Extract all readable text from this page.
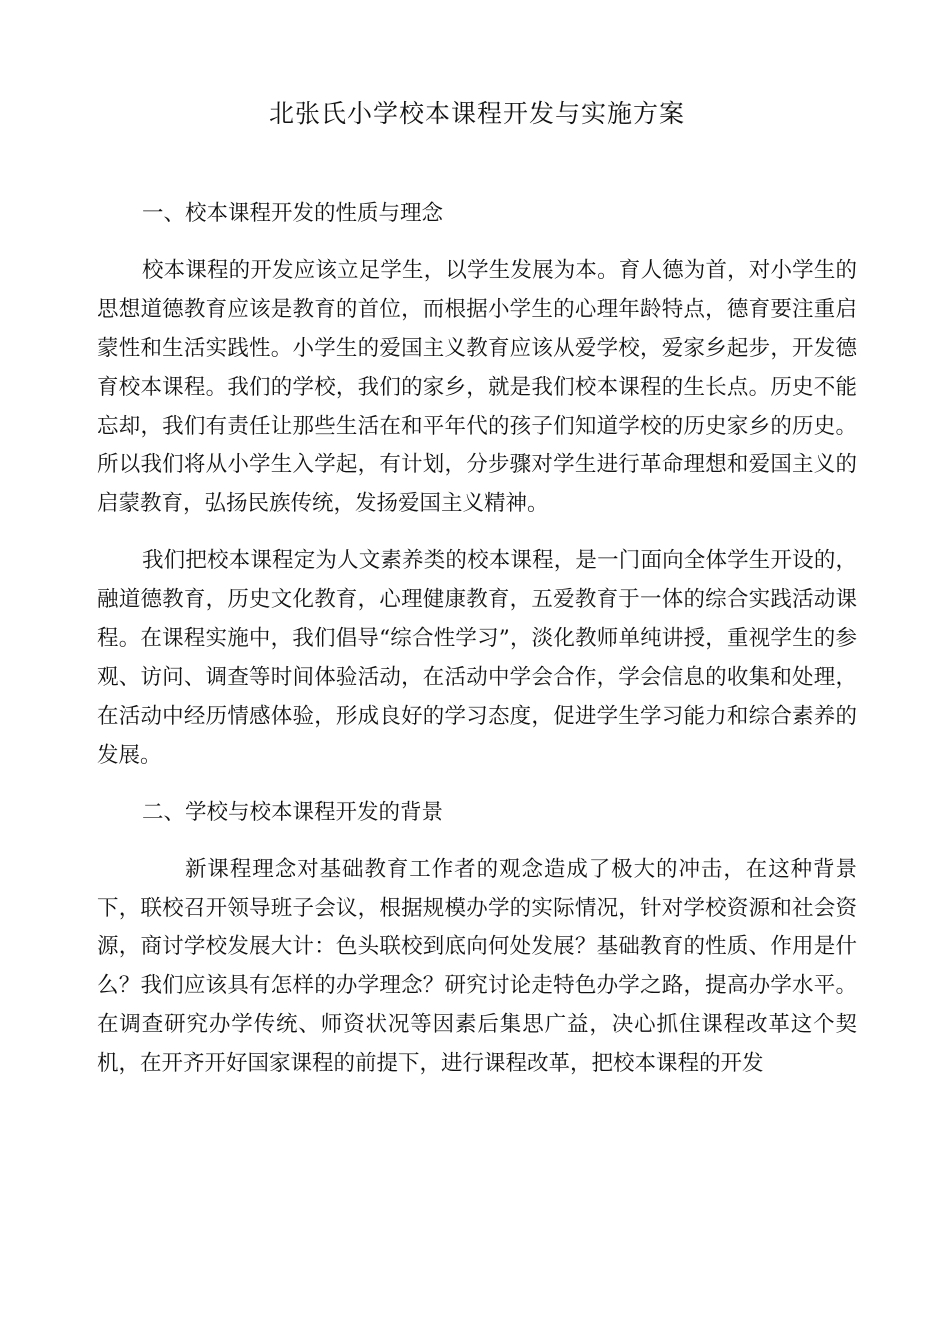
北张氏小学校本课程开发与实施方案

一、校本课程开发的性质与理念

校本课程的开发应该立足学生，以学生发展为本。育人德为首，对小学生的思想道德教育应该是教育的首位，而根据小学生的心理年龄特点，德育要注重启蒙性和生活实践性。小学生的爱国主义教育应该从爱学校，爱家乡起步，开发德育校本课程。我们的学校，我们的家乡，就是我们校本课程的生长点。历史不能忘却，我们有责任让那些生活在和平年代的孩子们知道学校的历史家乡的历史。所以我们将从小学生入学起，有计划，分步骤对学生进行革命理想和爱国主义的启蒙教育，弘扬民族传统，发扬爱国主义精神。

我们把校本课程定为人文素养类的校本课程，是一门面向全体学生开设的，融道德教育，历史文化教育，心理健康教育，五爱教育于一体的综合实践活动课程。在课程实施中，我们倡导“综合性学习”，淡化教师单纯讲授，重视学生的参观、访问、调查等时间体验活动，在活动中学会合作，学会信息的收集和处理，在活动中经历情感体验，形成良好的学习态度，促进学生学习能力和综合素养的发展。

二、学校与校本课程开发的背景

新课程理念对基础教育工作者的观念造成了极大的冲击，在这种背景下，联校召开领导班子会议，根据规模办学的实际情况，针对学校资源和社会资源，商讨学校发展大计：色头联校到底向何处发展？基础教育的性质、作用是什么？我们应该具有怎样的办学理念？研究讨论走特色办学之路，提高办学水平。在调查研究办学传统、师资状况等因素后集思广益，决心抓住课程改革这个契机，在开齐开好国家课程的前提下，进行课程改革，把校本课程的开发
